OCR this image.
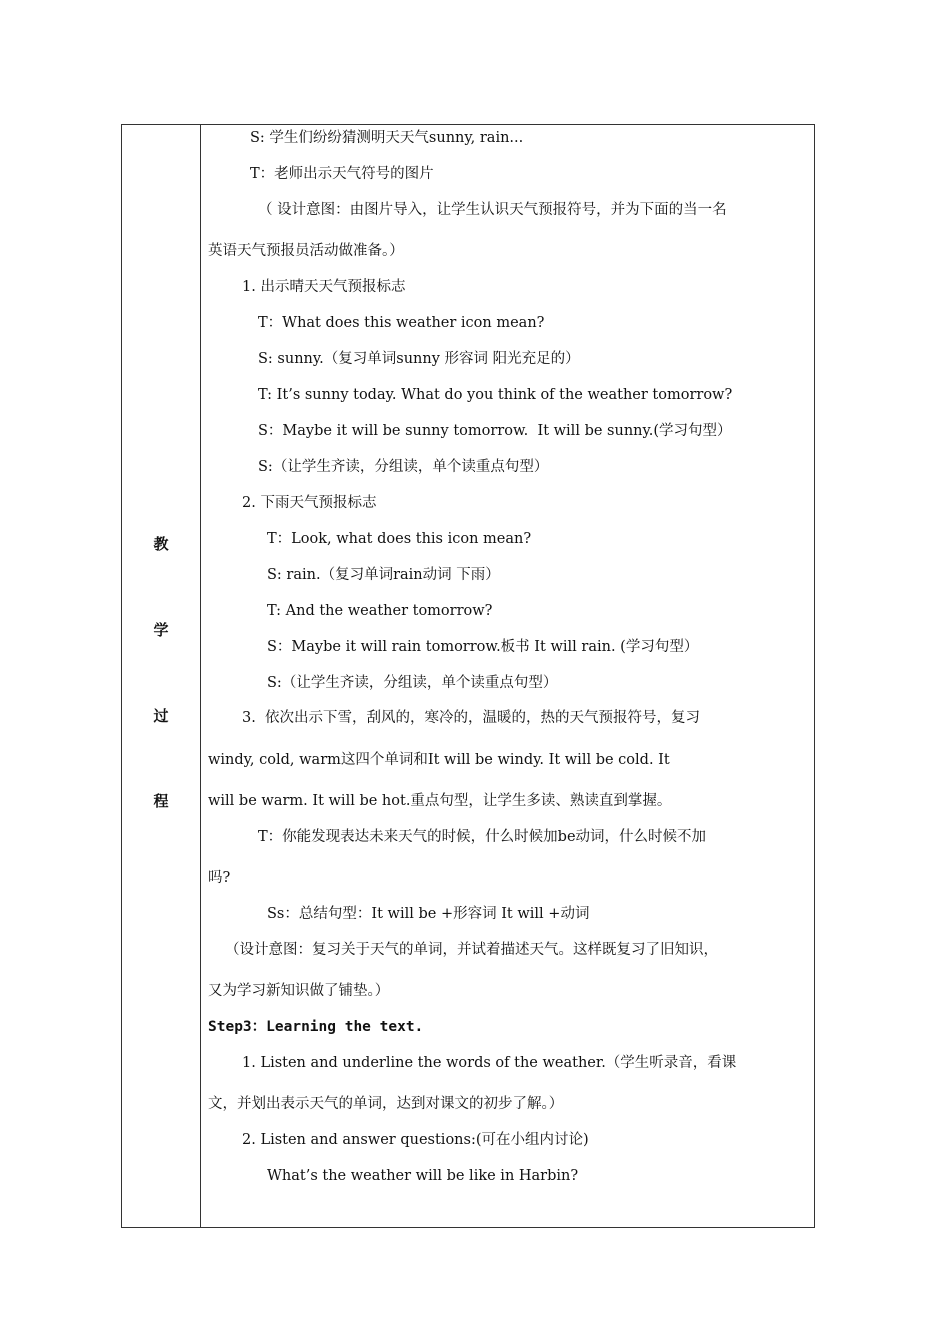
教
学
过
程
S: 学生们纷纷猜测明天天气sunny, rain...
T：老师出示天气符号的图片
（ 设计意图：由图片导入，让学生认识天气预报符号，并为下面的当一名
英语天气预报员活动做准备。）
1. 出示晴天天气预报标志
T：What does this weather icon mean?
S: sunny.（复习单词sunny 形容词 阳光充足的）
T: It’s sunny today. What do you think of the weather tomorrow?
S：Maybe it will be sunny tomorrow.  It will be sunny.(学习句型）
S:（让学生齐读，分组读，单个读重点句型）
2. 下雨天气预报标志
T：Look, what does this icon mean?
S: rain.（复习单词rain动词 下雨）
T: And the weather tomorrow?
S：Maybe it will rain tomorrow.板书 It will rain. (学习句型）
S:（让学生齐读，分组读，单个读重点句型）
3.  依次出示下雪，刮风的，寒冷的，温暖的，热的天气预报符号，复习
windy, cold, warm这四个单词和It will be windy. It will be cold. It
will be warm. It will be hot.重点句型，让学生多读、熟读直到掌握。
T：你能发现表达未来天气的时候，什么时候加be动词，什么时候不加
吗?
Ss：总结句型：It will be +形容词 It will +动词
（设计意图：复习关于天气的单词，并试着描述天气。这样既复习了旧知识，
又为学习新知识做了铺垫。）
Step3：Learning the text.
1. Listen and underline the words of the weather.（学生听录音，看课
文，并划出表示天气的单词，达到对课文的初步了解。）
2. Listen and answer questions:(可在小组内讨论)
What’s the weather will be like in Harbin?
